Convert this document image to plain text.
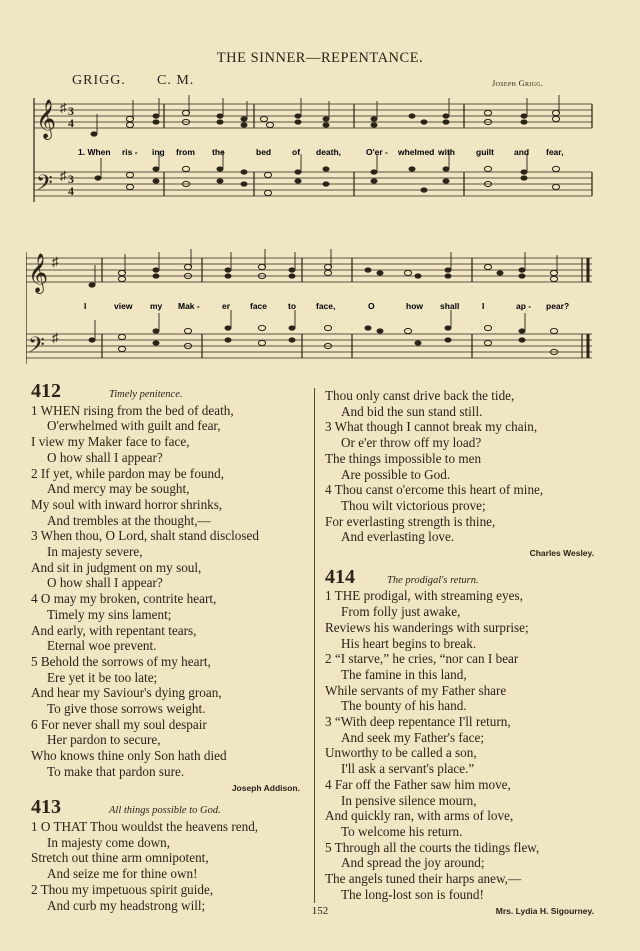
THE SINNER—REPENTANCE.
GRIGG. C. M.	Joseph Grigg.
𝄞
𝄢
♯
♯
3
4
3
4
1. When ris - ing from the	bed of death,	O'er - whelmed with guilt and fear,
𝄞
𝄢
♯
♯
I	view my Mak -	er face to face,	O	how shall	I	ap - pear?
412	Timely penitence.
1 WHEN rising from the bed of death,
O'erwhelmed with guilt and fear,
I view my Maker face to face,
O how shall I appear?
2 If yet, while pardon may be found,
And mercy may be sought,
My soul with inward horror shrinks,
And trembles at the thought,—
3 When thou, O Lord, shalt stand disclosed
In majesty severe,
And sit in judgment on my soul,
O how shall I appear?
4 O may my broken, contrite heart,
Timely my sins lament;
And early, with repentant tears,
Eternal woe prevent.
5 Behold the sorrows of my heart,
Ere yet it be too late;
And hear my Saviour's dying groan,
To give those sorrows weight.
6 For never shall my soul despair
Her pardon to secure,
Who knows thine only Son hath died
To make that pardon sure.
Joseph Addison.
413	All things possible to God.
1 O THAT Thou wouldst the heavens rend,
In majesty come down,
Stretch out thine arm omnipotent,
And seize me for thine own!
2 Thou my impetuous spirit guide,
And curb my headstrong will;
Thou only canst drive back the tide,
And bid the sun stand still.
3 What though I cannot break my chain,
Or e'er throw off my load?
The things impossible to men
Are possible to God.
4 Thou canst o'ercome this heart of mine,
Thou wilt victorious prove;
For everlasting strength is thine,
And everlasting love.
Charles Wesley.
414	The prodigal's return.
1 THE prodigal, with streaming eyes,
From folly just awake,
Reviews his wanderings with surprise;
His heart begins to break.
2 “I starve,” he cries, “nor can I bear
The famine in this land,
While servants of my Father share
The bounty of his hand.
3 “With deep repentance I'll return,
And seek my Father's face;
Unworthy to be called a son,
I'll ask a servant's place.”
4 Far off the Father saw him move,
In pensive silence mourn,
And quickly ran, with arms of love,
To welcome his return.
5 Through all the courts the tidings flew,
And spread the joy around;
The angels tuned their harps anew,—
The long-lost son is found!
Mrs. Lydia H. Sigourney.
152
